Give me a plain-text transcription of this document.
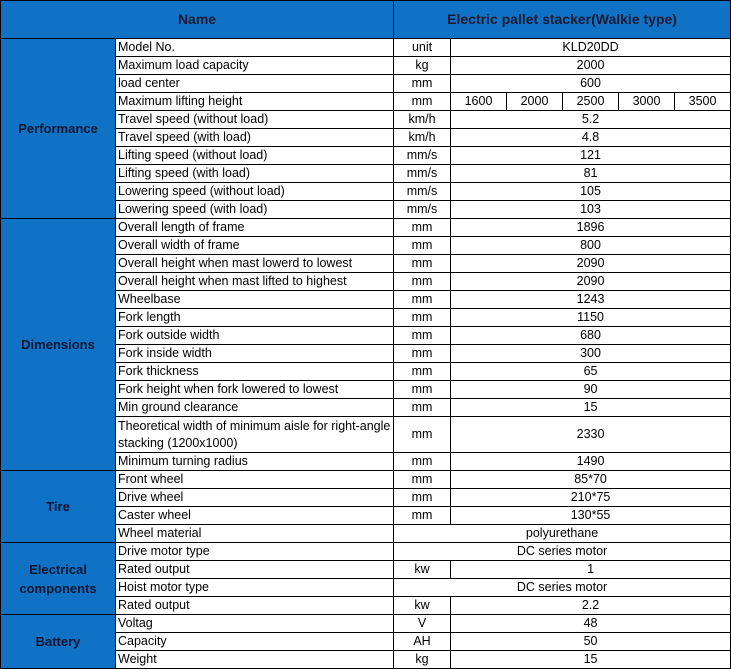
Name		Electric pallet stacker(Walkie type)					
Performance	Model No.	unit	KLD20DD				
	Maximum load capacity	kg	2000				
	load center	mm	600				
	Maximum lifting height	mm	1600	2000	2500	3000	3500
	Travel speed (without load)	km/h	5.2				
	Travel speed (with load)	km/h	4.8				
	Lifting speed (without load)	mm/s	121				
	Lifting speed (with load)	mm/s	81				
	Lowering speed (without load)	mm/s	105				
	Lowering speed (with load)	mm/s	103				
Dimensions	Overall length of frame	mm	1896				
	Overall width of frame	mm	800				
	Overall height when mast lowerd to lowest	mm	2090				
	Overall height when mast lifted to highest	mm	2090				
	Wheelbase	mm	1243				
	Fork length	mm	1150				
	Fork outside width	mm	680				
	Fork inside width	mm	300				
	Fork thickness	mm	65				
	Fork height when fork lowered to lowest	mm	90				
	Min ground clearance	mm	15				
	Theoretical width of minimum aisle for right-angle stacking (1200x1000)	mm	2330				
	Minimum turning radius	mm	1490				
Tire	Front wheel	mm	85*70				
	Drive wheel	mm	210*75				
	Caster wheel	mm	130*55				
	Wheel material	polyurethane					
Electrical components	Drive motor type	DC series motor					
	Rated output	kw	1				
	Hoist motor type	DC series motor					
	Rated output	kw	2.2				
Battery	Voltag	V	48				
	Capacity	AH	50				
	Weight	kg	15				
